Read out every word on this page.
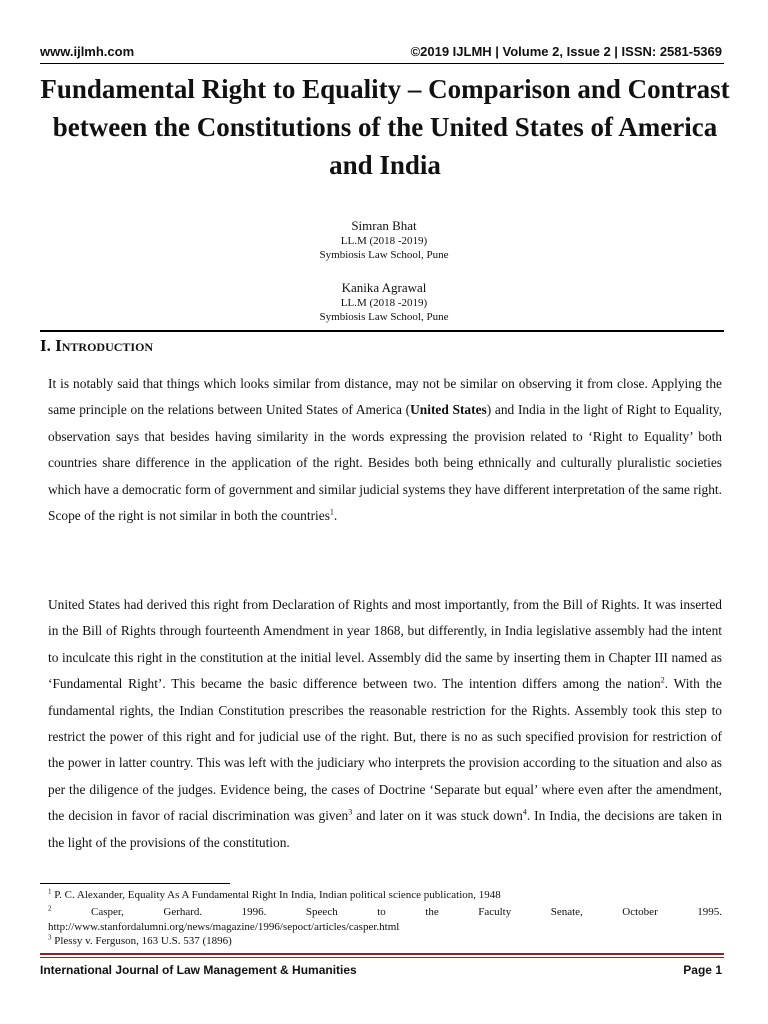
www.ijlmh.com	©2019 IJLMH | Volume 2, Issue 2 | ISSN: 2581-5369
Fundamental Right to Equality – Comparison and Contrast between the Constitutions of the United States of America and India
Simran Bhat
LL.M (2018 -2019)
Symbiosis Law School, Pune
Kanika Agrawal
LL.M (2018 -2019)
Symbiosis Law School, Pune
I. Introduction

It is notably said that things which looks similar from distance, may not be similar on observing it from close. Applying the same principle on the relations between United States of America (United States) and India in the light of Right to Equality, observation says that besides having similarity in the words expressing the provision related to ‘Right to Equality’ both countries share difference in the application of the right. Besides both being ethnically and culturally pluralistic societies which have a democratic form of government and similar judicial systems they have different interpretation of the same right. Scope of the right is not similar in both the countries$^1$.

United States had derived this right from Declaration of Rights and most importantly, from the Bill of Rights. It was inserted in the Bill of Rights through fourteenth Amendment in year 1868, but differently, in India legislative assembly had the intent to inculcate this right in the constitution at the initial level. Assembly did the same by inserting them in Chapter III named as ‘Fundamental Right’. This became the basic difference between two. The intention differs among the nation$^2$. With the fundamental rights, the Indian Constitution prescribes the reasonable restriction for the Rights. Assembly took this step to restrict the power of this right and for judicial use of the right. But, there is no as such specified provision for restriction of the power in latter country. This was left with the judiciary who interprets the provision according to the situation and also as per the diligence of the judges. Evidence being, the cases of Doctrine ‘Separate but equal’ where even after the amendment, the decision in favor of racial discrimination was given$^3$ and later on it was stuck down$^4$. In India, the decisions are taken in the light of the provisions of the constitution.

$^1$ P. C. Alexander, Equality As A Fundamental Right In India, Indian political science publication, 1948
$^2$	Casper, Gerhard. 1996. Speech to the Faculty Senate, October 1995.
http://www.stanfordalumni.org/news/magazine/1996/sepoct/articles/casper.html
$^3$ Plessy v. Ferguson, 163 U.S. 537 (1896)
International Journal of Law Management & Humanities	Page 1
